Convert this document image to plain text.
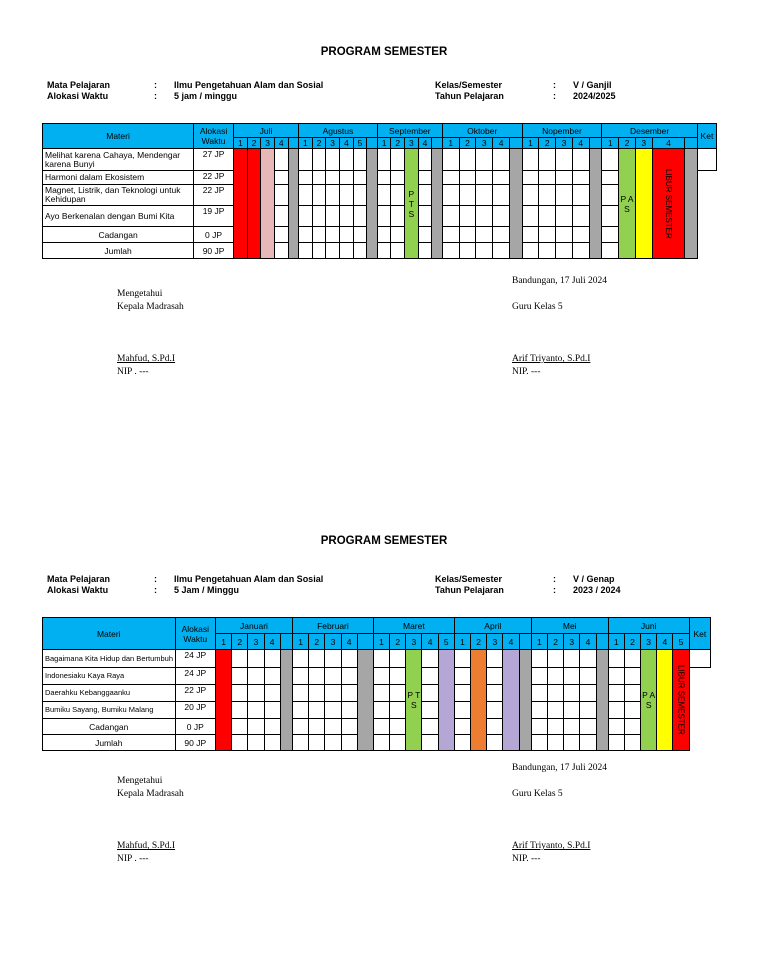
PROGRAM SEMESTER
Mata Pelajaran	: Ilmu Pengetahuan Alam dan Sosial
Alokasi Waktu	: 5 jam / minggu
Kelas/Semester	: V / Ganjil
Tahun Pelajaran	: 2024/2025
Materi	Alokasi Waktu	Juli					Agustus						September					Oktober					Nopember					Desember					Ket
		1	2	3	4		1	2	3	4	5		1	2	3	4		1	2	3	4		1	2	3	4		1	2	3	4		
Melihat karena Cahaya, Mendengar karena Bunyi	27 JP														P T S														P A S		LIBUR SEMESTER		
Harmoni dalam Ekosistem	22 JP																																
Magnet, Listrik, dan Teknologi untuk Kehidupan	22 JP																																
Ayo Berkenalan dengan Bumi Kita	19 JP																																
Cadangan	0 JP																																
Jumlah	90 JP																																
Bandungan, 17 Juli 2024
Mengetahui
Kepala Madrasah	Guru Kelas 5
Mahfud, S.Pd.I
NIP . ---
Arif Triyanto, S.Pd.I
NIP. ---
PROGRAM SEMESTER
Mata Pelajaran	: Ilmu Pengetahuan Alam dan Sosial
Alokasi Waktu	: 5 Jam / Minggu
Kelas/Semester	: V / Genap
Tahun Pelajaran	: 2023 / 2024
Materi	Alokasi Waktu	Januari					Februari					Maret					April					Mei					Juni					Ket
		1	2	3	4		1	2	3	4		1	2	3	4	5	1	2	3	4		1	2	3	4		1	2	3	4	5	
Bagaimana Kita Hidup dan Bertumbuh	24 JP													P T S															P A S		LIBUR SEMESTER	
Indonesiaku Kaya Raya	24 JP																															
Daerahku Kebanggaanku	22 JP																															
Bumiku Sayang, Bumiku Malang	20 JP																															
Cadangan	0 JP																															
Jumlah	90 JP																															
Bandungan, 17 Juli 2024
Mengetahui
Kepala Madrasah	Guru Kelas 5
Mahfud, S.Pd.I
NIP . ---
Arif Triyanto, S.Pd.I
NIP. ---
